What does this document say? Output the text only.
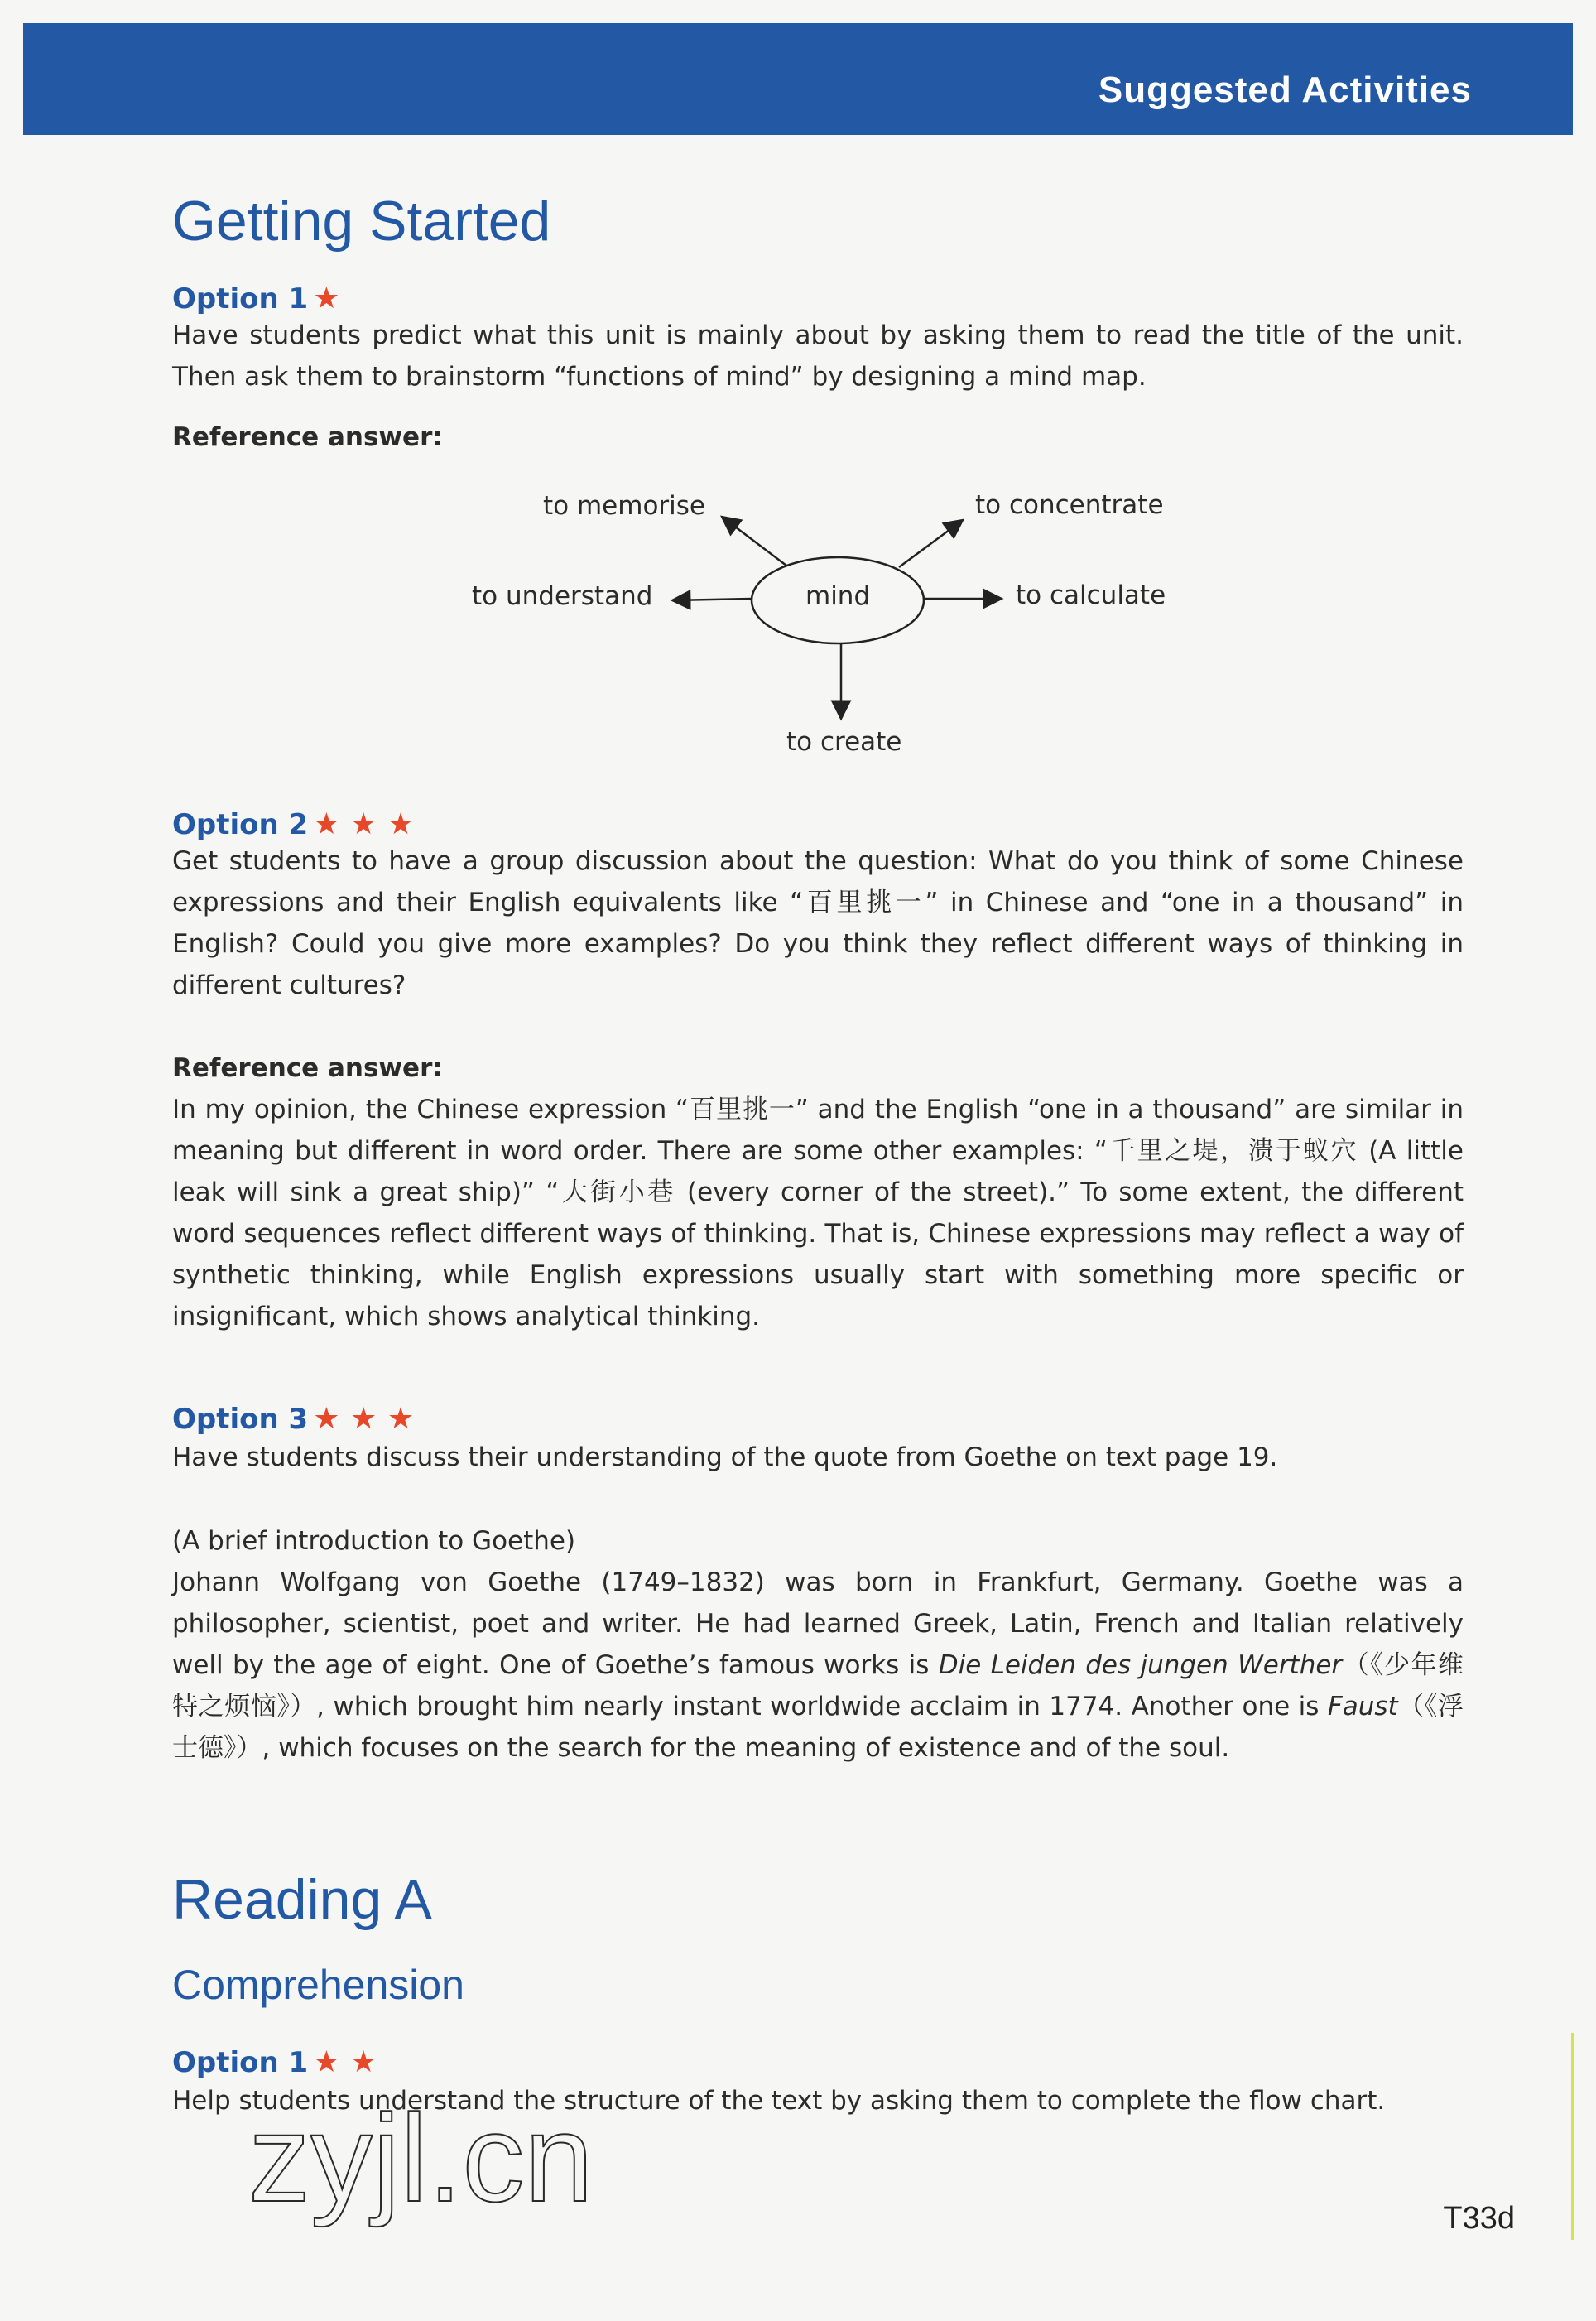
Suggested Activities
Getting Started
Option 1 ★

Have students predict what this unit is mainly about by asking them to read the title of the unit. Then ask them to brainstorm “functions of mind” by designing a mind map.

Reference answer:
mind
to memorise	to concentrate
to understand	to calculate
to create
Option 2 ★ ★ ★

Get students to have a group discussion about the question: What do you think of some Chinese expressions and their English equivalents like “百里挑一” in Chinese and “one in a thousand” in English? Could you give more examples? Do you think they reflect different ways of thinking in different cultures?

Reference answer:

In my opinion, the Chinese expression “百里挑一” and the English “one in a thousand” are similar in meaning but different in word order. There are some other examples: “千里之堤，溃于蚁穴 (A little leak will sink a great ship)” “大街小巷 (every corner of the street).” To some extent, the different word sequences reflect different ways of thinking. That is, Chinese expressions may reflect a way of synthetic thinking, while English expressions usually start with something more specific or insignificant, which shows analytical thinking.

Option 3 ★ ★ ★

Have students discuss their understanding of the quote from Goethe on text page 19.

(A brief introduction to Goethe)

Johann Wolfgang von Goethe (1749–1832) was born in Frankfurt, Germany. Goethe was a philosopher, scientist, poet and writer. He had learned Greek, Latin, French and Italian relatively well by the age of eight. One of Goethe’s famous works is Die Leiden des jungen Werther（《少年维特之烦恼》）, which brought him nearly instant worldwide acclaim in 1774. Another one is Faust（《浮士德》）, which focuses on the search for the meaning of existence and of the soul.

Reading A
Comprehension
Option 1 ★ ★

Help students understand the structure of the text by asking them to complete the flow chart.

zyjl.cn	T33d
